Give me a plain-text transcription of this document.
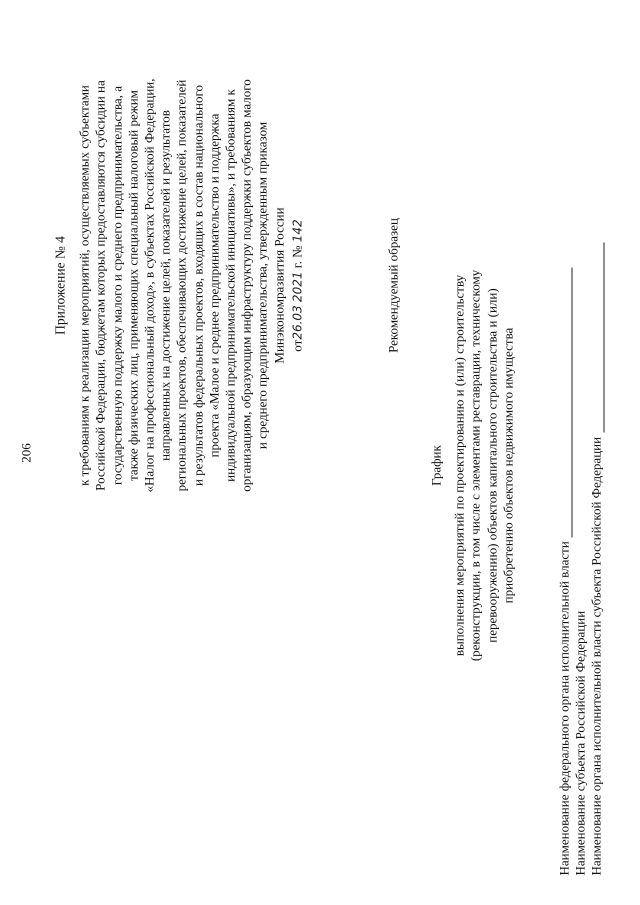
206
Приложение № 4 к требованиям к реализации мероприятий, осуществляемых субъектами Российской Федерации, бюджетам которых предоставляются субсидии на государственную поддержку малого и среднего предпринимательства, а также физических лиц, применяющих специальный налоговый режим «Налог на профессиональный доход», в субъектах Российской Федерации, направленных на достижение целей, показателей и результатов региональных проектов, обеспечивающих достижение целей, показателей и результатов федеральных проектов, входящих в состав национального проекта «Малое и среднее предпринимательство и поддержка индивидуальной предпринимательской инициативы», и требованиям к организациям, образующим инфраструктуру поддержки субъектов малого и среднего предпринимательства, утвержденным приказом Минэкономразвития России от26.03 2021 г. № 142	Рекомендуемый образец
График выполнения мероприятий по проектированию и (или) строительству (реконструкции, в том числе с элементами реставрации, техническому перевооружению) объектов капитального строительства и (или) приобретению объектов недвижимого имущества
Наименование федерального органа исполнительной власти Наименование субъекта Российской Федерации Наименование органа исполнительной власти субъекта Российской Федерации
